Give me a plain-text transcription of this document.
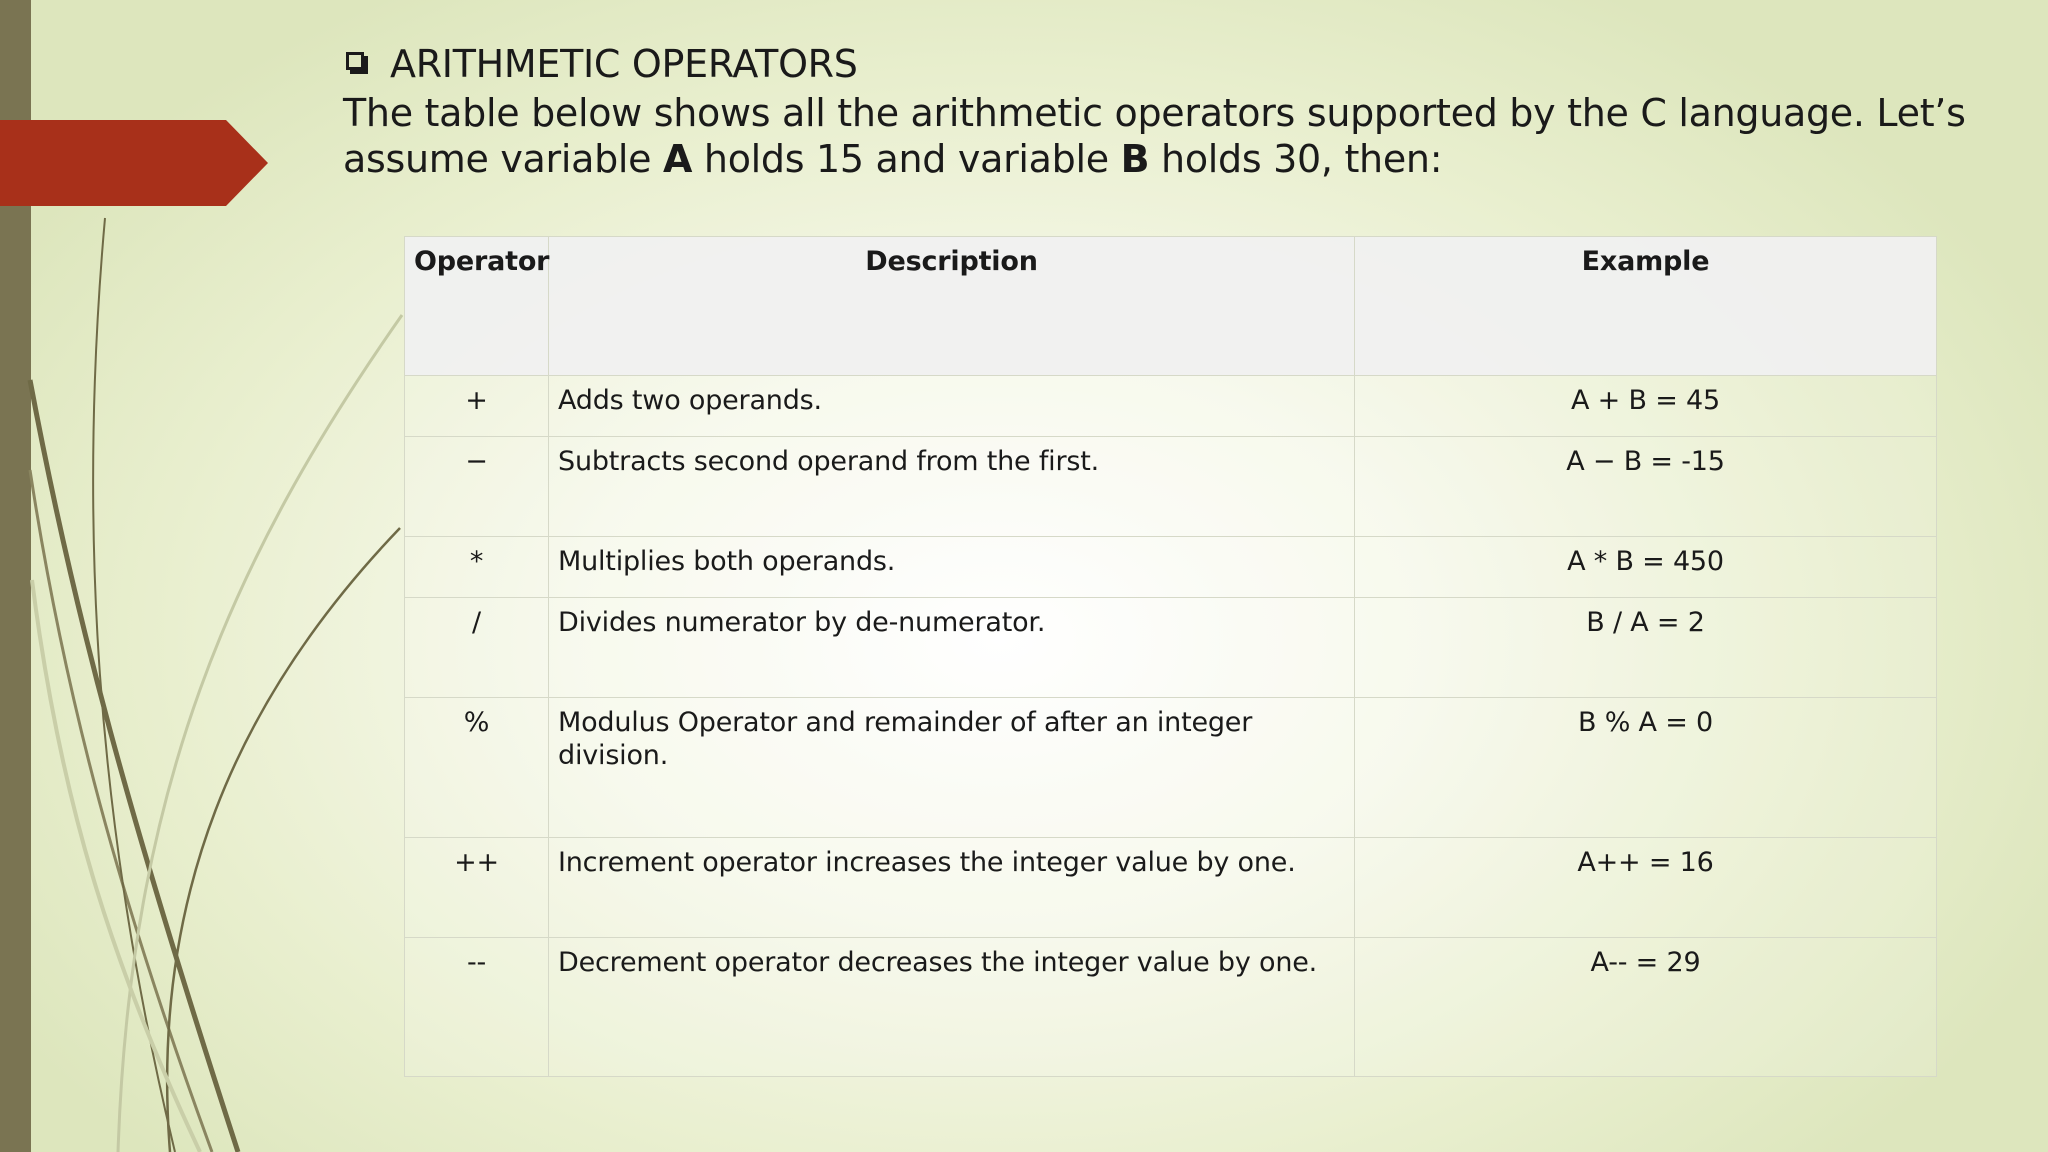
ARITHMETIC OPERATORS
The table below shows all the arithmetic operators supported by the C language. Let’s assume variable A holds 15 and variable B holds 30, then:
Operator	Description	Example
+	Adds two operands.	A + B = 45
−	Subtracts second operand from the first.	A − B = -15
*	Multiplies both operands.	A * B = 450
/	Divides numerator by de-numerator.	B / A = 2
%	Modulus Operator and remainder of after an integer division.	B % A = 0
++	Increment operator increases the integer value by one.	A++ = 16
--	Decrement operator decreases the integer value by one.	A-- = 29
